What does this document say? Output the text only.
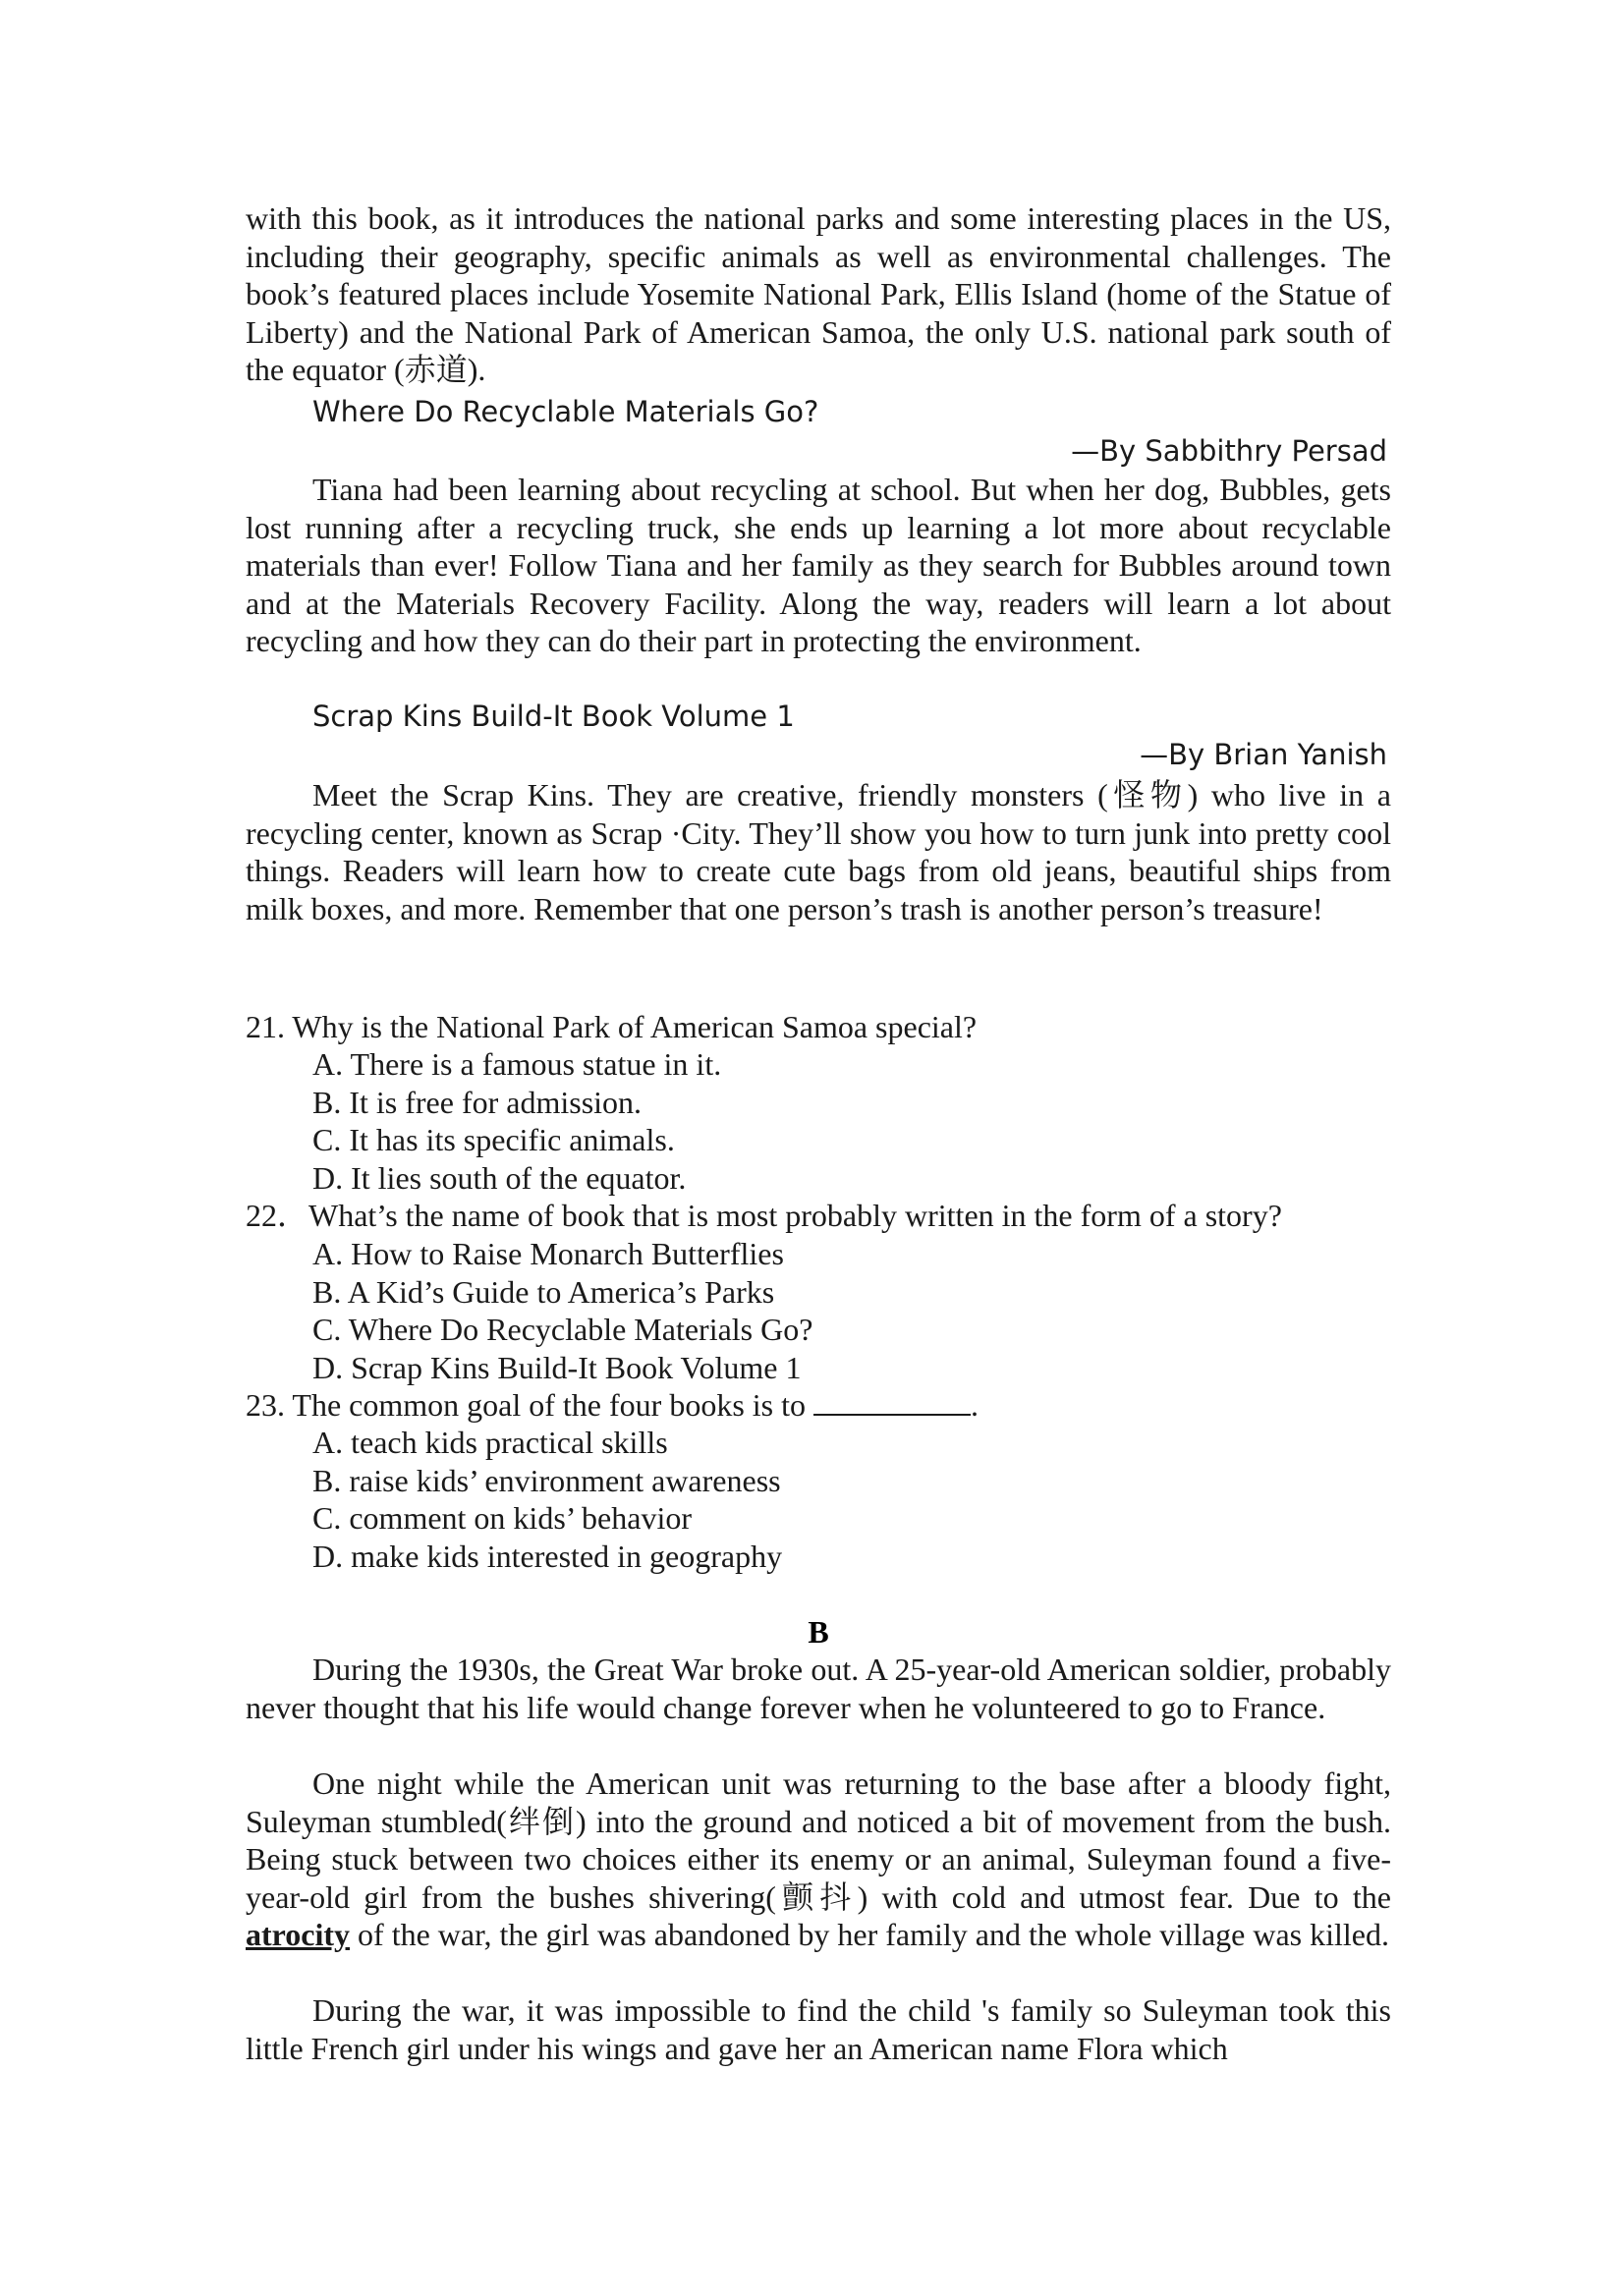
with this book, as it introduces the national parks and some interesting places in the US, including their geography, specific animals as well as environmental challenges. The book’s featured places include Yosemite National Park, Ellis Island (home of the Statue of Liberty) and the National Park of American Samoa, the only U.S. national park south of the equator (赤道).

Where Do Recyclable Materials Go?

—By Sabbithry Persad

Tiana had been learning about recycling at school. But when her dog, Bubbles, gets lost running after a recycling truck, she ends up learning a lot more about recyclable materials than ever! Follow Tiana and her family as they search for Bubbles around town and at the Materials Recovery Facility. Along the way, readers will learn a lot about recycling and how they can do their part in protecting the environment.

Scrap Kins Build-It Book Volume 1

—By Brian Yanish

Meet the Scrap Kins. They are creative, friendly monsters (怪物) who live in a recycling center, known as Scrap ·City. They’ll show you how to turn junk into pretty cool things. Readers will learn how to create cute bags from old jeans, beautiful ships from milk boxes, and more. Remember that one person’s trash is another person’s treasure!

21. Why is the National Park of American Samoa special?

A. There is a famous statue in it.

B. It is free for admission.

C. It has its specific animals.

D. It lies south of the equator.

22．What’s the name of book that is most probably written in the form of a story?

A. How to Raise Monarch Butterflies

B. A Kid’s Guide to America’s Parks

C. Where Do Recyclable Materials Go?

D. Scrap Kins Build-It Book Volume 1

23. The common goal of the four books is to	.

A. teach kids practical skills

B. raise kids’ environment awareness

C. comment on kids’ behavior

D. make kids interested in geography

B

During the 1930s, the Great War broke out. A 25-year-old American soldier, probably never thought that his life would change forever when he volunteered to go to France.

One night while the American unit was returning to the base after a bloody fight, Suleyman stumbled(绊倒) into the ground and noticed a bit of movement from the bush. Being stuck between two choices either its enemy or an animal, Suleyman found a five-year-old girl from the bushes shivering(颤抖) with cold and utmost fear. Due to the atrocity of the war, the girl was abandoned by her family and the whole village was killed.

During the war, it was impossible to find the child 's family so Suleyman took this little French girl under his wings and gave her an American name Flora which
